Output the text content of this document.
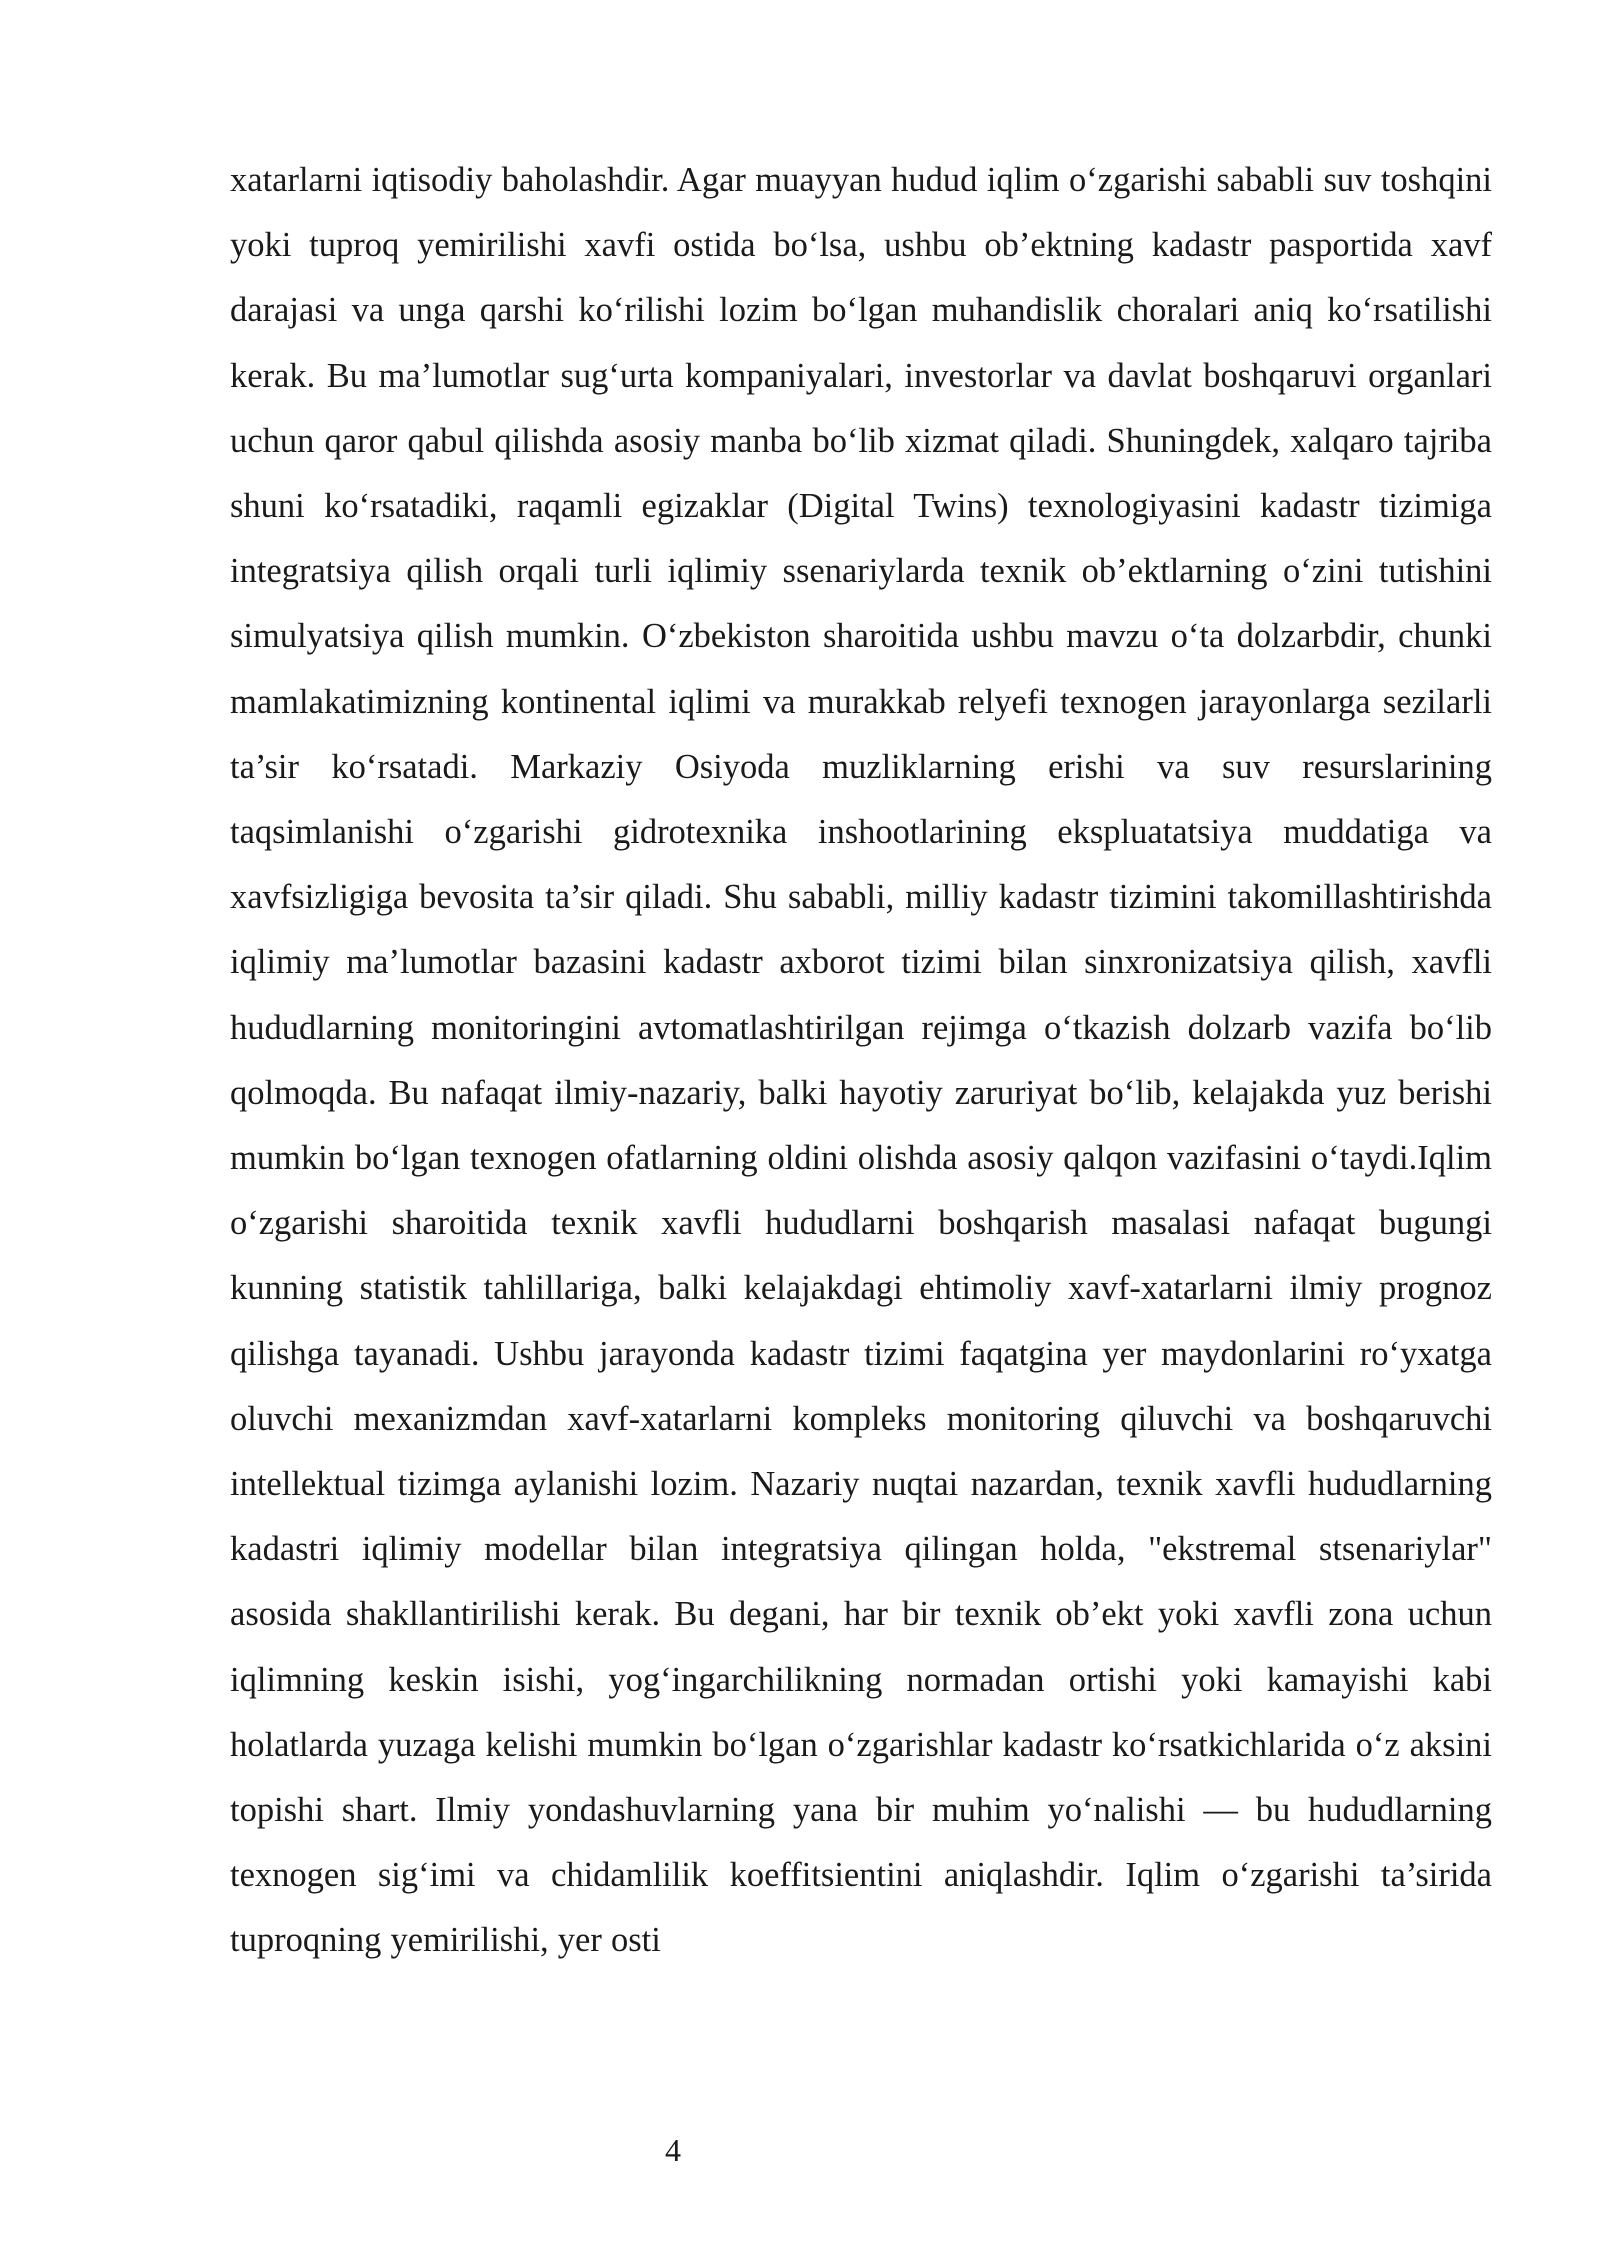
xatarlarni iqtisodiy baholashdir. Agar muayyan hudud iqlim o‘zgarishi sababli suv toshqini yoki tuproq yemirilishi xavfi ostida bo‘lsa, ushbu ob’ektning kadastr pasportida xavf darajasi va unga qarshi ko‘rilishi lozim bo‘lgan muhandislik choralari aniq ko‘rsatilishi kerak. Bu ma’lumotlar sug‘urta kompaniyalari, investorlar va davlat boshqaruvi organlari uchun qaror qabul qilishda asosiy manba bo‘lib xizmat qiladi. Shuningdek, xalqaro tajriba shuni ko‘rsatadiki, raqamli egizaklar (Digital Twins) texnologiyasini kadastr tizimiga integratsiya qilish orqali turli iqlimiy ssenariylarda texnik ob’ektlarning o‘zini tutishini simulyatsiya qilish mumkin. O‘zbekiston sharoitida ushbu mavzu o‘ta dolzarbdir, chunki mamlakatimizning kontinental iqlimi va murakkab relyefi texnogen jarayonlarga sezilarli ta’sir ko‘rsatadi. Markaziy Osiyoda muzliklarning erishi va suv resurslarining taqsimlanishi o‘zgarishi gidrotexnika inshootlarining ekspluatatsiya muddatiga va xavfsizligiga bevosita ta’sir qiladi. Shu sababli, milliy kadastr tizimini takomillashtirishda iqlimiy ma’lumotlar bazasini kadastr axborot tizimi bilan sinxronizatsiya qilish, xavfli hududlarning monitoringini avtomatlashtirilgan rejimga o‘tkazish dolzarb vazifa bo‘lib qolmoqda. Bu nafaqat ilmiy-nazariy, balki hayotiy zaruriyat bo‘lib, kelajakda yuz berishi mumkin bo‘lgan texnogen ofatlarning oldini olishda asosiy qalqon vazifasini o‘taydi.Iqlim o‘zgarishi sharoitida texnik xavfli hududlarni boshqarish masalasi nafaqat bugungi kunning statistik tahlillariga, balki kelajakdagi ehtimoliy xavf-xatarlarni ilmiy prognoz qilishga tayanadi. Ushbu jarayonda kadastr tizimi faqatgina yer maydonlarini ro‘yxatga oluvchi mexanizmdan xavf-xatarlarni kompleks monitoring qiluvchi va boshqaruvchi intellektual tizimga aylanishi lozim. Nazariy nuqtai nazardan, texnik xavfli hududlarning kadastri iqlimiy modellar bilan integratsiya qilingan holda, "ekstremal stsenariylar" asosida shakllantirilishi kerak. Bu degani, har bir texnik ob’ekt yoki xavfli zona uchun iqlimning keskin isishi, yog‘ingarchilikning normadan ortishi yoki kamayishi kabi holatlarda yuzaga kelishi mumkin bo‘lgan o‘zgarishlar kadastr ko‘rsatkichlarida o‘z aksini topishi shart. Ilmiy yondashuvlarning yana bir muhim yo‘nalishi — bu hududlarning texnogen sig‘imi va chidamlilik koeffitsientini aniqlashdir. Iqlim o‘zgarishi ta’sirida tuproqning yemirilishi, yer osti

4
